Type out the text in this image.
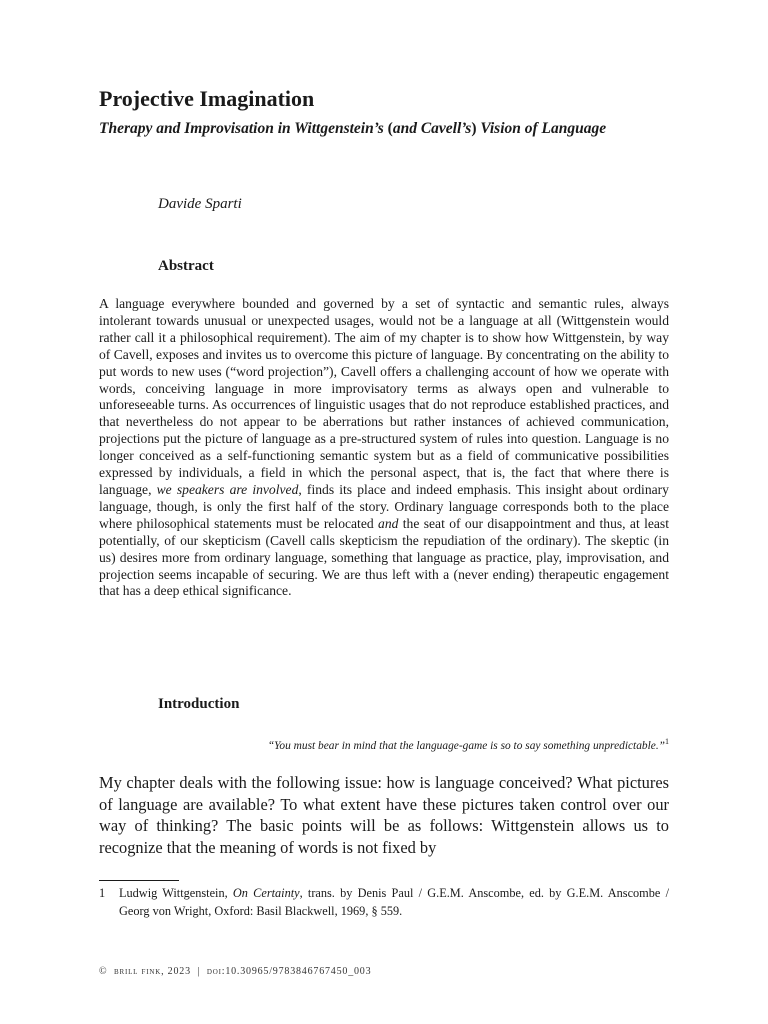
Projective Imagination

Therapy and Improvisation in Wittgenstein’s (and Cavell’s) Vision of Language

Davide Sparti
Abstract

A language everywhere bounded and governed by a set of syntactic and semantic rules, always intolerant towards unusual or unexpected usages, would not be a language at all (Wittgenstein would rather call it a philosophical requirement). The aim of my chapter is to show how Wittgenstein, by way of Cavell, exposes and invites us to overcome this picture of language. By concentrating on the ability to put words to new uses (“word projection”), Cavell offers a challenging account of how we operate with words, conceiving language in more improvisatory terms as always open and vulnerable to unforeseeable turns. As occurrences of linguistic usages that do not reproduce established practices, and that nevertheless do not appear to be aberrations but rather instances of achieved communication, projections put the picture of language as a pre-structured system of rules into question. Language is no longer conceived as a self-functioning semantic system but as a field of communicative possibilities expressed by individuals, a field in which the personal aspect, that is, the fact that where there is language, we speakers are involved, finds its place and indeed emphasis. This insight about ordinary language, though, is only the first half of the story. Ordinary language corresponds both to the place where philosophical statements must be relocated and the seat of our disappointment and thus, at least potentially, of our skepticism (Cavell calls skepticism the repudiation of the ordinary). The skeptic (in us) desires more from ordinary language, something that language as practice, play, improvisation, and projection seems incapable of securing. We are thus left with a (never ending) therapeutic engagement that has a deep ethical significance.

Introduction
“You must bear in mind that the language-game is so to say something unpredictable.”$^1$

My chapter deals with the following issue: how is language conceived? What pictures of language are available? To what extent have these pictures taken control over our way of thinking? The basic points will be as follows: Wittgenstein allows us to recognize that the meaning of words is not fixed by

1 Ludwig Wittgenstein, On Certainty, trans. by Denis Paul / G.E.M. Anscombe, ed. by G.E.M. Anscombe / Georg von Wright, Oxford: Basil Blackwell, 1969, § 559.
© brill fink, 2023 | doi:10.30965/9783846767450_003
